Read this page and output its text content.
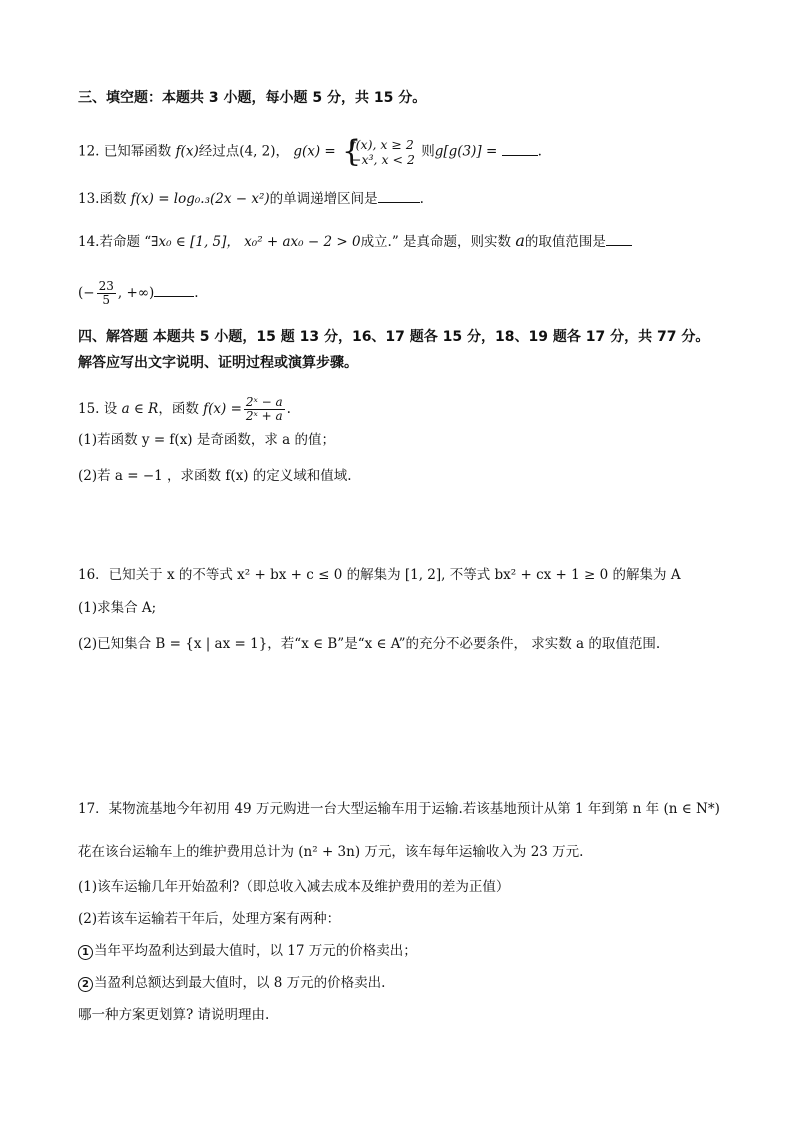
三、填空题：本题共 3 小题，每小题 5 分，共 15 分。
12. 已知幂函数 f(x)经过点(4, 2)， g(x) = {
f(x), x ≥ 2
−x³, x < 2 则g[g(3)] =	.
13.函数 f(x) = log₀.₃(2x − x²)的单调递增区间是	.
14.若命题 “∃x₀ ∈ [1, 5]， x₀² + ax₀ − 2 > 0成立.” 是真命题，则实数 a的取值范围是
(− $\frac{23}{5}$ , +∞)	.
四、解答题 本题共 5 小题，15 题 13 分，16、17 题各 15 分，18、19 题各 17 分，共 77 分。
解答应写出文字说明、证明过程或演算步骤。
15. 设 a ∈ R，函数 $f(x) = \frac{\text{2ˣ − a}}{\text{2ˣ + a}}$ .
(1)若函数 y = f(x) 是奇函数，求 a 的值；
(2)若 a = −1 ，求函数 f(x) 的定义域和值域.
16．已知关于 x 的不等式 x² + bx + c ≤ 0 的解集为 [1, 2], 不等式 bx² + cx + 1 ≥ 0 的解集为 A
(1)求集合 A;
(2)已知集合 B = {x | ax = 1}，若“x ∈ B”是“x ∈ A”的充分不必要条件， 求实数 a 的取值范围.
17．某物流基地今年初用 49 万元购进一台大型运输车用于运输.若该基地预计从第 1 年到第 n 年 (n ∈ N*)
花在该台运输车上的维护费用总计为 (n² + 3n) 万元，该车每年运输收入为 23 万元.
(1)该车运输几年开始盈利?（即总收入减去成本及维护费用的差为正值）
(2)若该车运输若干年后，处理方案有两种：
1 当年平均盈利达到最大值时，以 17 万元的价格卖出；
2 当盈利总额达到最大值时，以 8 万元的价格卖出.
哪一种方案更划算? 请说明理由.
